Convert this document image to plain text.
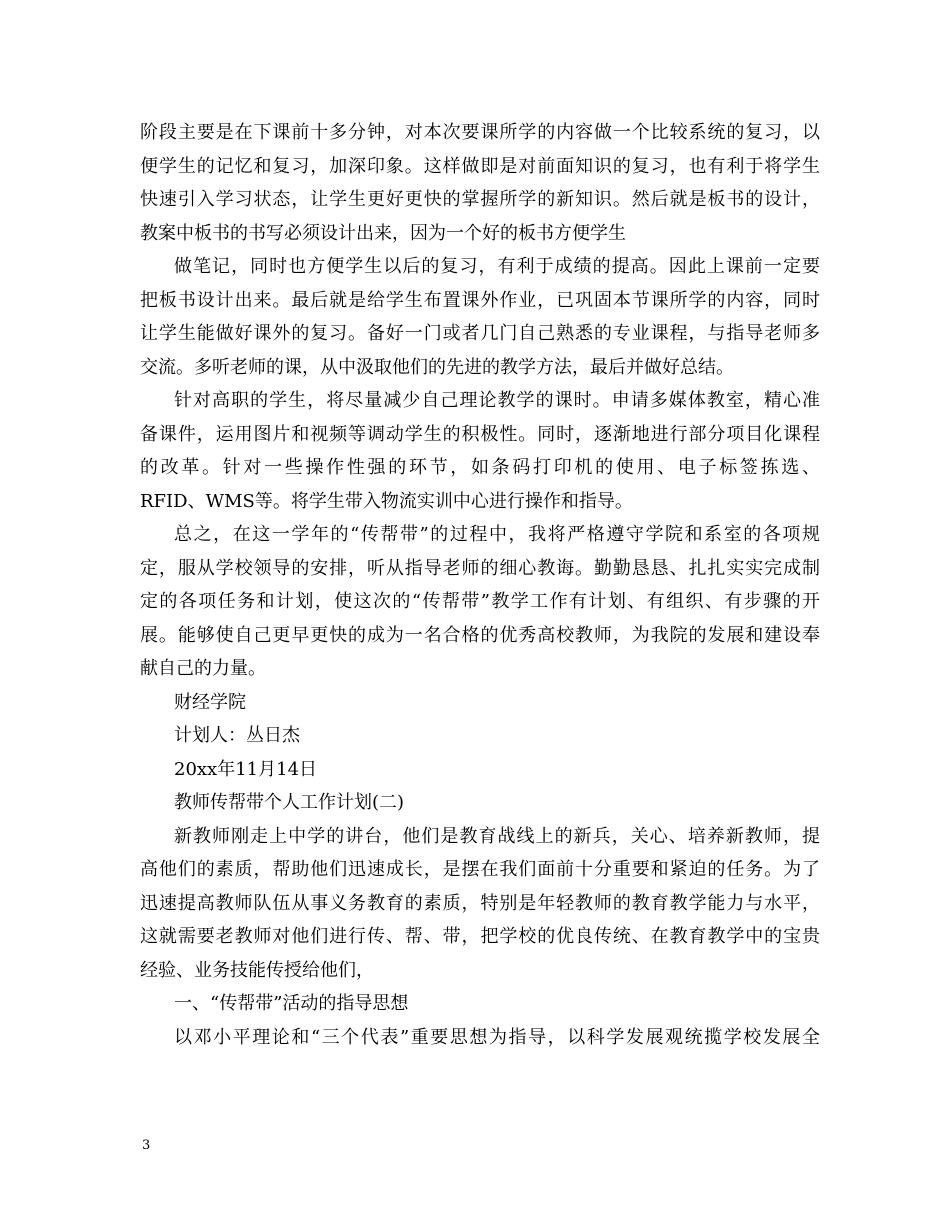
阶段主要是在下课前十多分钟，对本次要课所学的内容做一个比较系统的复习，以
便学生的记忆和复习，加深印象。这样做即是对前面知识的复习，也有利于将学生
快速引入学习状态，让学生更好更快的掌握所学的新知识。然后就是板书的设计，
教案中板书的书写必须设计出来，因为一个好的板书方便学生
做笔记，同时也方便学生以后的复习，有利于成绩的提高。因此上课前一定要
把板书设计出来。最后就是给学生布置课外作业，已巩固本节课所学的内容，同时
让学生能做好课外的复习。备好一门或者几门自己熟悉的专业课程，与指导老师多
交流。多听老师的课，从中汲取他们的先进的教学方法，最后并做好总结。
针对高职的学生，将尽量减少自己理论教学的课时。申请多媒体教室，精心准
备课件，运用图片和视频等调动学生的积极性。同时，逐渐地进行部分项目化课程
的改革。针对一些操作性强的环节，如条码打印机的使用、电子标签拣选、
RFID、WMS等。将学生带入物流实训中心进行操作和指导。
总之，在这一学年的“传帮带”的过程中，我将严格遵守学院和系室的各项规
定，服从学校领导的安排，听从指导老师的细心教诲。勤勤恳恳、扎扎实实完成制
定的各项任务和计划，使这次的“传帮带”教学工作有计划、有组织、有步骤的开
展。能够使自己更早更快的成为一名合格的优秀高校教师，为我院的发展和建设奉
献自己的力量。
财经学院
计划人：丛日杰
20xx年11月14日
教师传帮带个人工作计划(二)
新教师刚走上中学的讲台，他们是教育战线上的新兵，关心、培养新教师，提
高他们的素质，帮助他们迅速成长，是摆在我们面前十分重要和紧迫的任务。为了
迅速提高教师队伍从事义务教育的素质，特别是年轻教师的教育教学能力与水平，
这就需要老教师对他们进行传、帮、带，把学校的优良传统、在教育教学中的宝贵
经验、业务技能传授给他们，
一、“传帮带”活动的指导思想
以邓小平理论和“三个代表”重要思想为指导，以科学发展观统揽学校发展全
3
